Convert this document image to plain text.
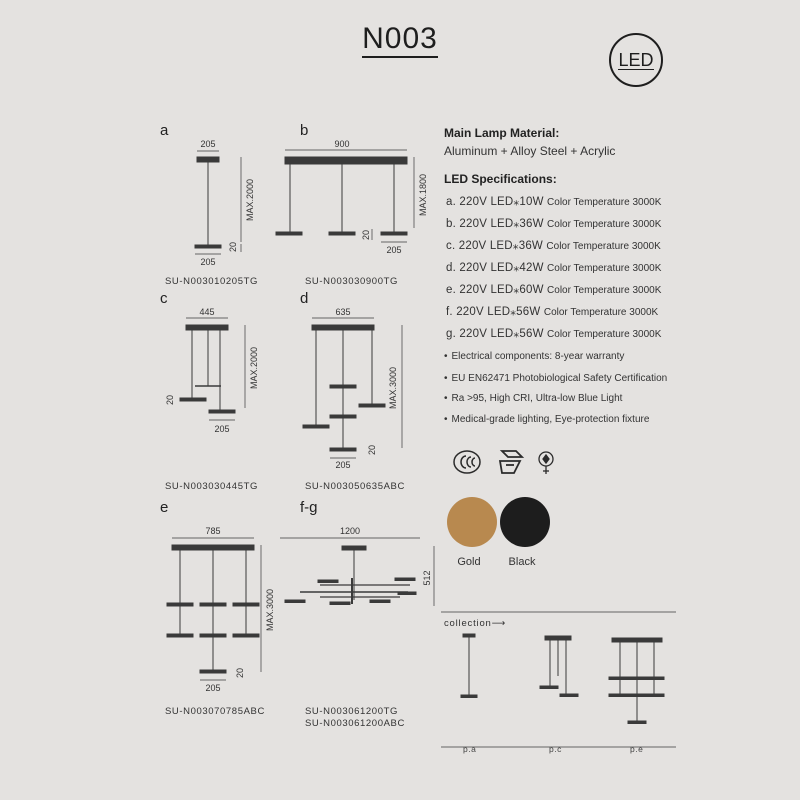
N003
LED
205
MAX.2000
20
205
900
MAX.1800
20
205
445
MAX.2000
20
205
635
MAX.3000
20
205
785
MAX.3000
20
205
1200
512
a
SU-N003010205TG
b
SU-N003030900TG
c
SU-N003030445TG
d
SU-N003050635ABC
e
SU-N003070785ABC
f-g
SU-N003061200TG
SU-N003061200ABC
Main Lamp Material:
Aluminum + Alloy Steel + Acrylic
LED Specifications:
a. 220V LED⁎10W Color Temperature 3000K
b. 220V LED⁎36W Color Temperature 3000K
c. 220V LED⁎36W Color Temperature 3000K
d. 220V LED⁎42W Color Temperature 3000K
e. 220V LED⁎60W Color Temperature 3000K
f. 220V LED⁎56W Color Temperature 3000K
g. 220V LED⁎56W Color Temperature 3000K
• Electrical components: 8-year warranty
• EU EN62471 Photobiological Safety Certification
• Ra >95, High CRI, Ultra-low Blue Light
• Medical-grade lighting, Eye-protection fixture
Gold	Black
collection⟶
p.a	p.c	p.e
